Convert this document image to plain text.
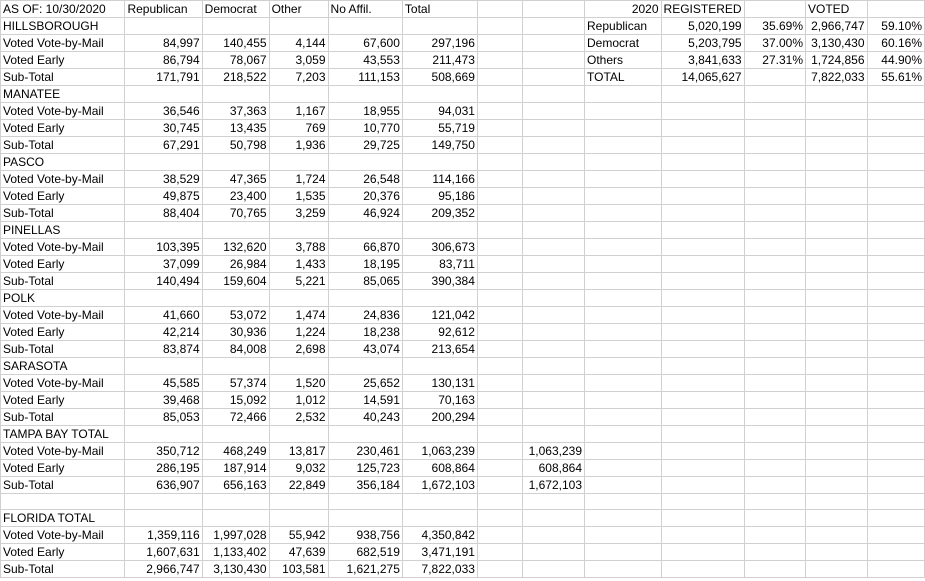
AS OF: 10/30/2020	Republican	Democrat	Other	No Affil.	Total			2020	REGISTERED		VOTED	
HILLSBOROUGH								Republican	5,020,199	35.69%	2,966,747	59.10%
Voted Vote-by-Mail	84,997	140,455	4,144	67,600	297,196			Democrat	5,203,795	37.00%	3,130,430	60.16%
Voted Early	86,794	78,067	3,059	43,553	211,473			Others	3,841,633	27.31%	1,724,856	44.90%
Sub-Total	171,791	218,522	7,203	111,153	508,669			TOTAL	14,065,627		7,822,033	55.61%
MANATEE												
Voted Vote-by-Mail	36,546	37,363	1,167	18,955	94,031							
Voted Early	30,745	13,435	769	10,770	55,719							
Sub-Total	67,291	50,798	1,936	29,725	149,750							
PASCO												
Voted Vote-by-Mail	38,529	47,365	1,724	26,548	114,166							
Voted Early	49,875	23,400	1,535	20,376	95,186							
Sub-Total	88,404	70,765	3,259	46,924	209,352							
PINELLAS												
Voted Vote-by-Mail	103,395	132,620	3,788	66,870	306,673							
Voted Early	37,099	26,984	1,433	18,195	83,711							
Sub-Total	140,494	159,604	5,221	85,065	390,384							
POLK												
Voted Vote-by-Mail	41,660	53,072	1,474	24,836	121,042							
Voted Early	42,214	30,936	1,224	18,238	92,612							
Sub-Total	83,874	84,008	2,698	43,074	213,654							
SARASOTA												
Voted Vote-by-Mail	45,585	57,374	1,520	25,652	130,131							
Voted Early	39,468	15,092	1,012	14,591	70,163							
Sub-Total	85,053	72,466	2,532	40,243	200,294							
TAMPA BAY TOTAL												
Voted Vote-by-Mail	350,712	468,249	13,817	230,461	1,063,239		1,063,239					
Voted Early	286,195	187,914	9,032	125,723	608,864		608,864					
Sub-Total	636,907	656,163	22,849	356,184	1,672,103		1,672,103					

FLORIDA TOTAL												
Voted Vote-by-Mail	1,359,116	1,997,028	55,942	938,756	4,350,842							
Voted Early	1,607,631	1,133,402	47,639	682,519	3,471,191							
Sub-Total	2,966,747	3,130,430	103,581	1,621,275	7,822,033							
